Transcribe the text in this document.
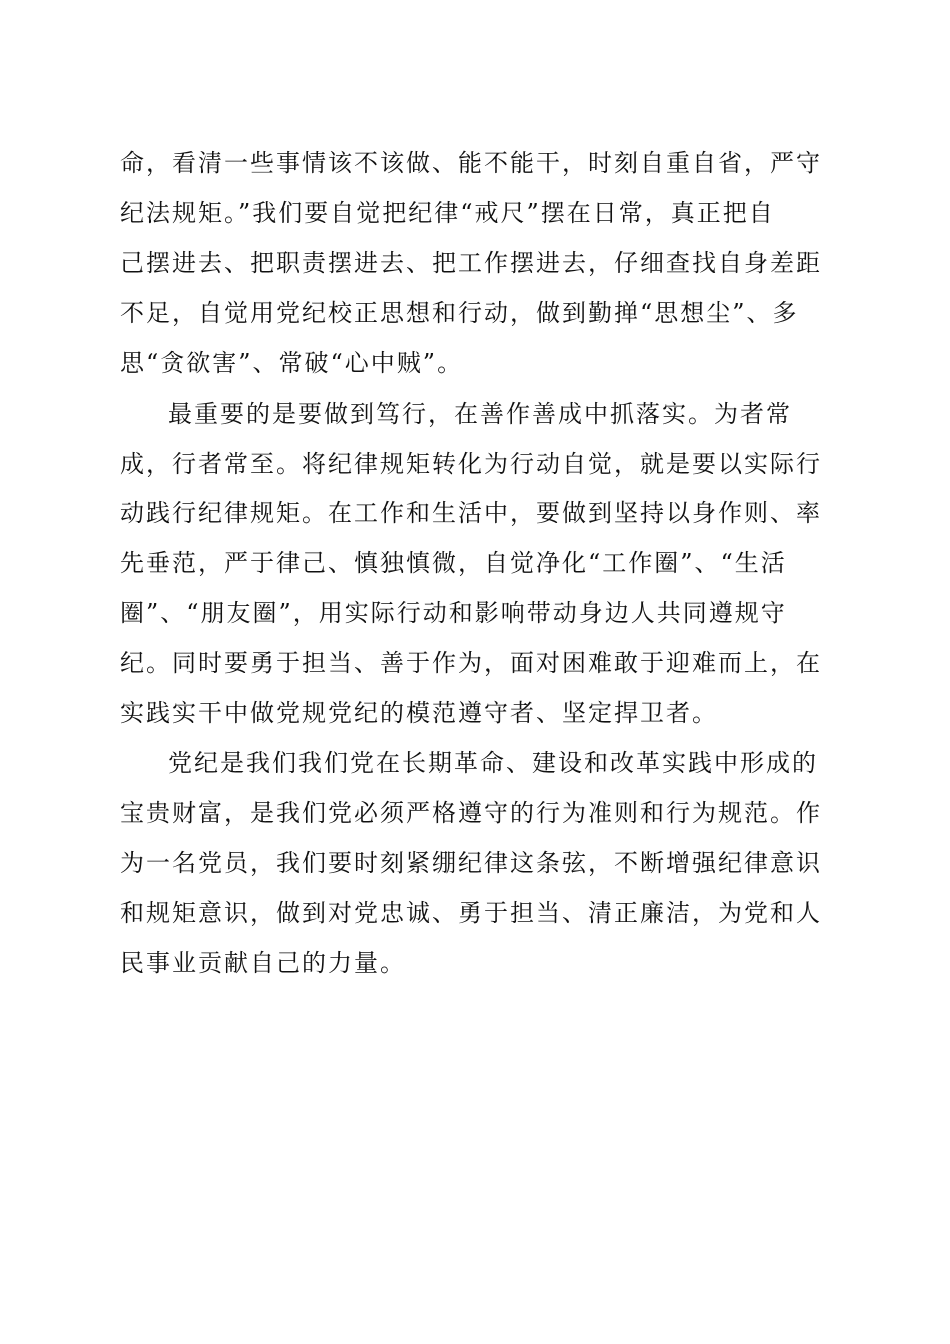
命，看清一些事情该不该做、能不能干，时刻自重自省，严守
纪法规矩。”我们要自觉把纪律“戒尺”摆在日常，真正把自
己摆进去、把职责摆进去、把工作摆进去，仔细查找自身差距
不足，自觉用党纪校正思想和行动，做到勤掸“思想尘”、多
思“贪欲害”、常破“心中贼”。
最重要的是要做到笃行，在善作善成中抓落实。为者常
成，行者常至。将纪律规矩转化为行动自觉，就是要以实际行
动践行纪律规矩。在工作和生活中，要做到坚持以身作则、率
先垂范，严于律己、慎独慎微，自觉净化“工作圈”、“生活
圈”、“朋友圈”，用实际行动和影响带动身边人共同遵规守
纪。同时要勇于担当、善于作为，面对困难敢于迎难而上，在
实践实干中做党规党纪的模范遵守者、坚定捍卫者。
党纪是我们我们党在长期革命、建设和改革实践中形成的
宝贵财富，是我们党必须严格遵守的行为准则和行为规范。作
为一名党员，我们要时刻紧绷纪律这条弦，不断增强纪律意识
和规矩意识，做到对党忠诚、勇于担当、清正廉洁，为党和人
民事业贡献自己的力量。
